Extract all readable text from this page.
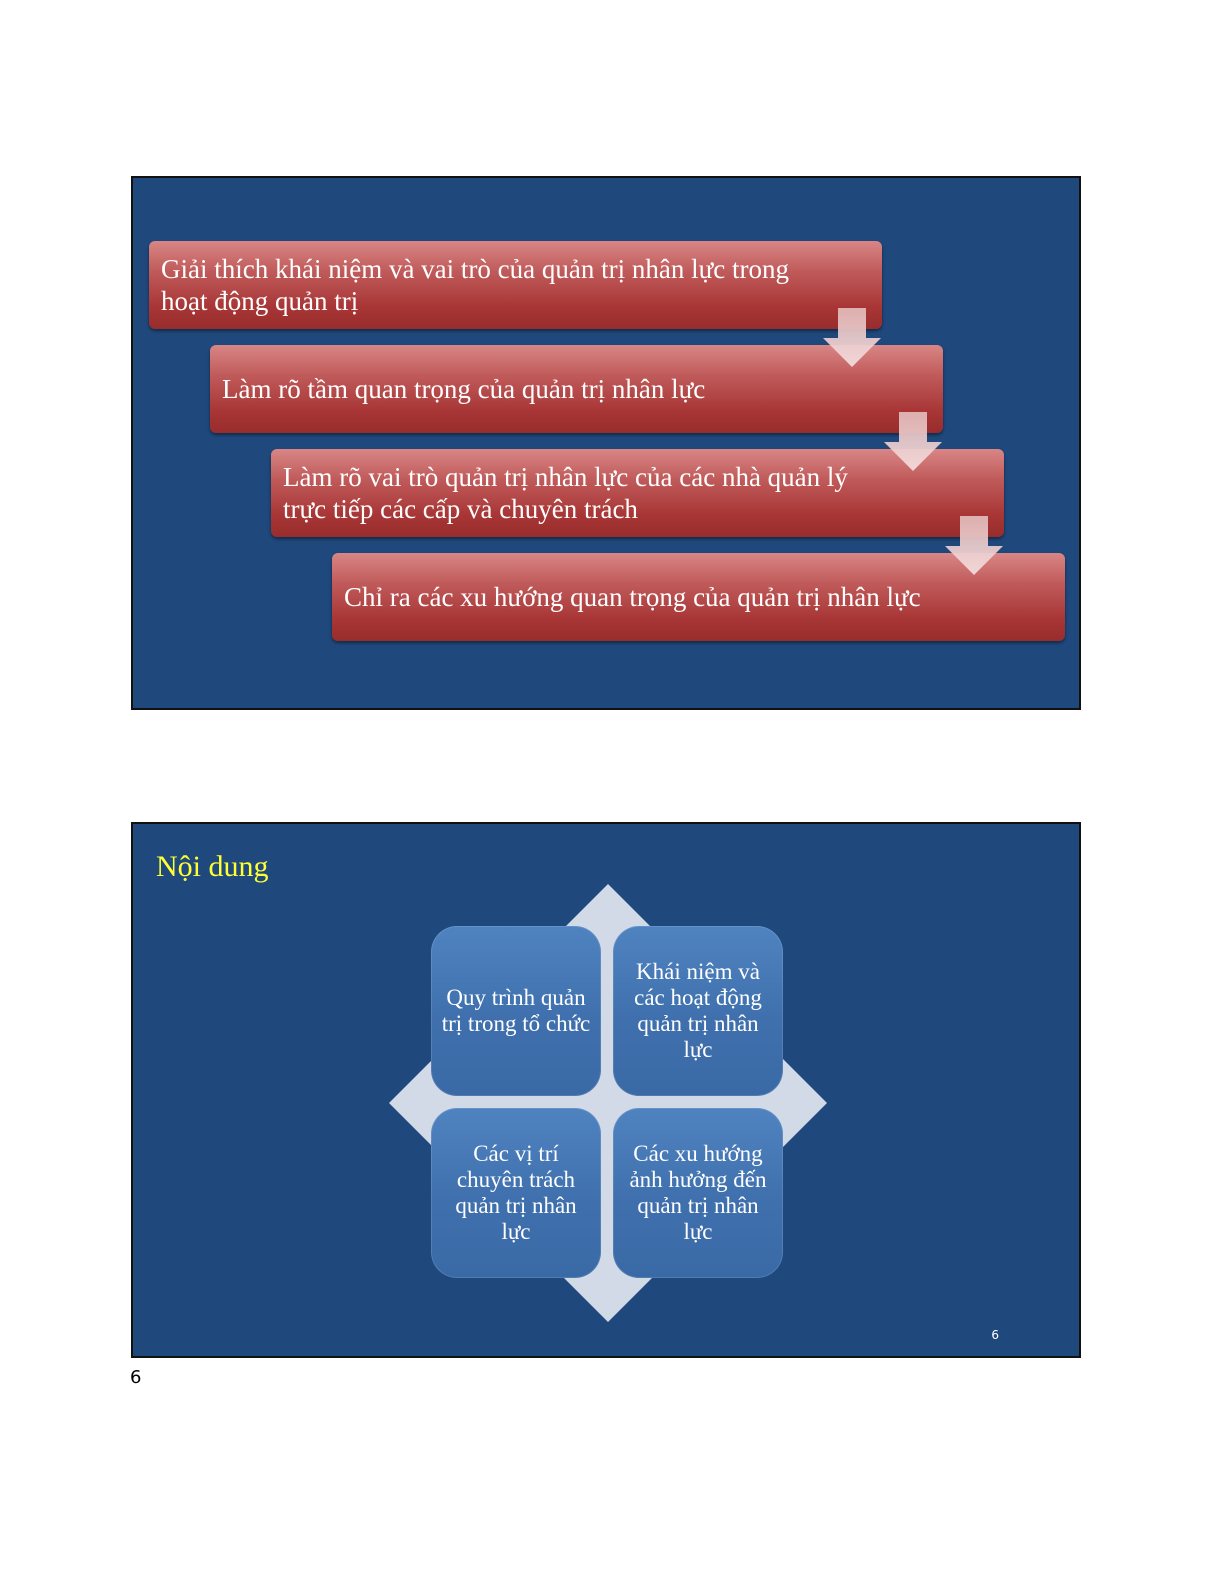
Giải thích khái niệm và vai trò của quản trị nhân lực trong hoạt động quản trị
Làm rõ tầm quan trọng của quản trị nhân lực
Làm rõ vai trò quản trị nhân lực của các nhà quản lý trực tiếp các cấp và chuyên trách
Chỉ ra các xu hướng quan trọng của quản trị nhân lực
Nội dung
Quy trình quản trị trong tổ chức
Khái niệm và các hoạt động quản trị nhân lực
Các vị trí chuyên trách quản trị nhân lực
Các xu hướng ảnh hưởng đến quản trị nhân lực
6
6
